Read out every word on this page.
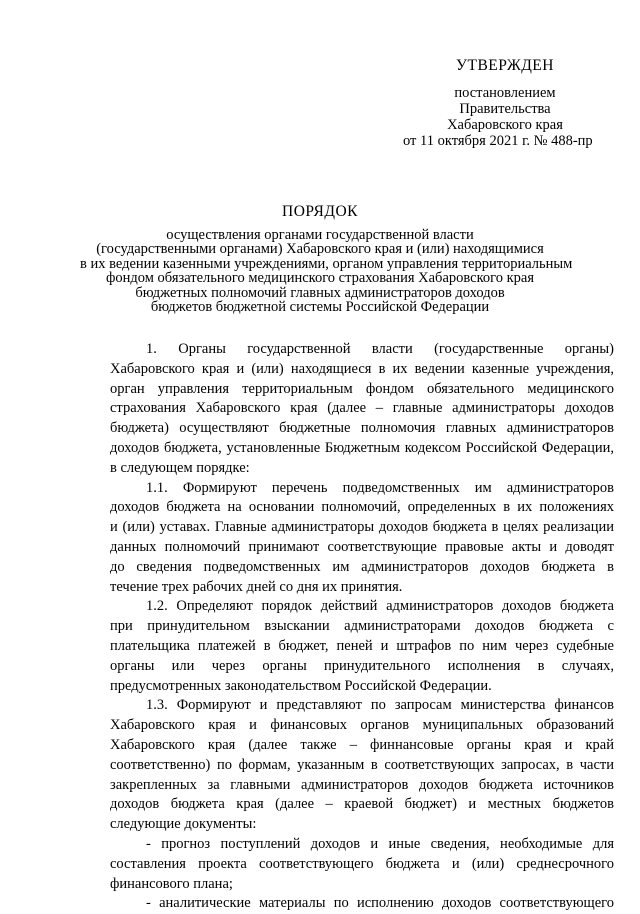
УТВЕРЖДЕН
постановлением
Правительства
Хабаровского края
от 11 октября 2021 г. № 488-пр
ПОРЯДОК
осуществления органами государственной власти
(государственными органами) Хабаровского края и (или) находящимися
в их ведении казенными учреждениями, органом управления территориальным
фондом обязательного медицинского страхования Хабаровского края
бюджетных полномочий главных администраторов доходов
бюджетов бюджетной системы Российской Федерации

1. Органы государственной власти (государственные органы)
Хабаровского края и (или) находящиеся в их ведении казенные учреждения,
орган управления территориальным фондом обязательного медицинского
страхования Хабаровского края (далее – главные администраторы доходов
бюджета) осуществляют бюджетные полномочия главных администраторов
доходов бюджета, установленные Бюджетным кодексом Российской Федерации,
в следующем порядке:

1.1. Формируют перечень подведомственных им администраторов
доходов бюджета на основании полномочий, определенных в их положениях
и (или) уставах. Главные администраторы доходов бюджета в целях реализации
данных полномочий принимают соответствующие правовые акты и доводят
до сведения подведомственных им администраторов доходов бюджета в
течение трех рабочих дней со дня их принятия.

1.2. Определяют порядок действий администраторов доходов бюджета
при принудительном взыскании администраторами доходов бюджета с
плательщика платежей в бюджет, пеней и штрафов по ним через судебные
органы или через органы принудительного исполнения в случаях,
предусмотренных законодательством Российской Федерации.

1.3. Формируют и представляют по запросам министерства финансов
Хабаровского края и финансовых органов муниципальных образований
Хабаровского края (далее также – финнансовые органы края и край
соответственно) по формам, указанным в соответствующих запросах, в части
закрепленных за главными администраторов доходов бюджета источников
доходов бюджета края (далее – краевой бюджет) и местных бюджетов
следующие документы:

- прогноз поступлений доходов и иные сведения, необходимые для
составления проекта соответствующего бюджета и (или) среднесрочного
финансового плана;

- аналитические материалы по исполнению доходов соответствующего
